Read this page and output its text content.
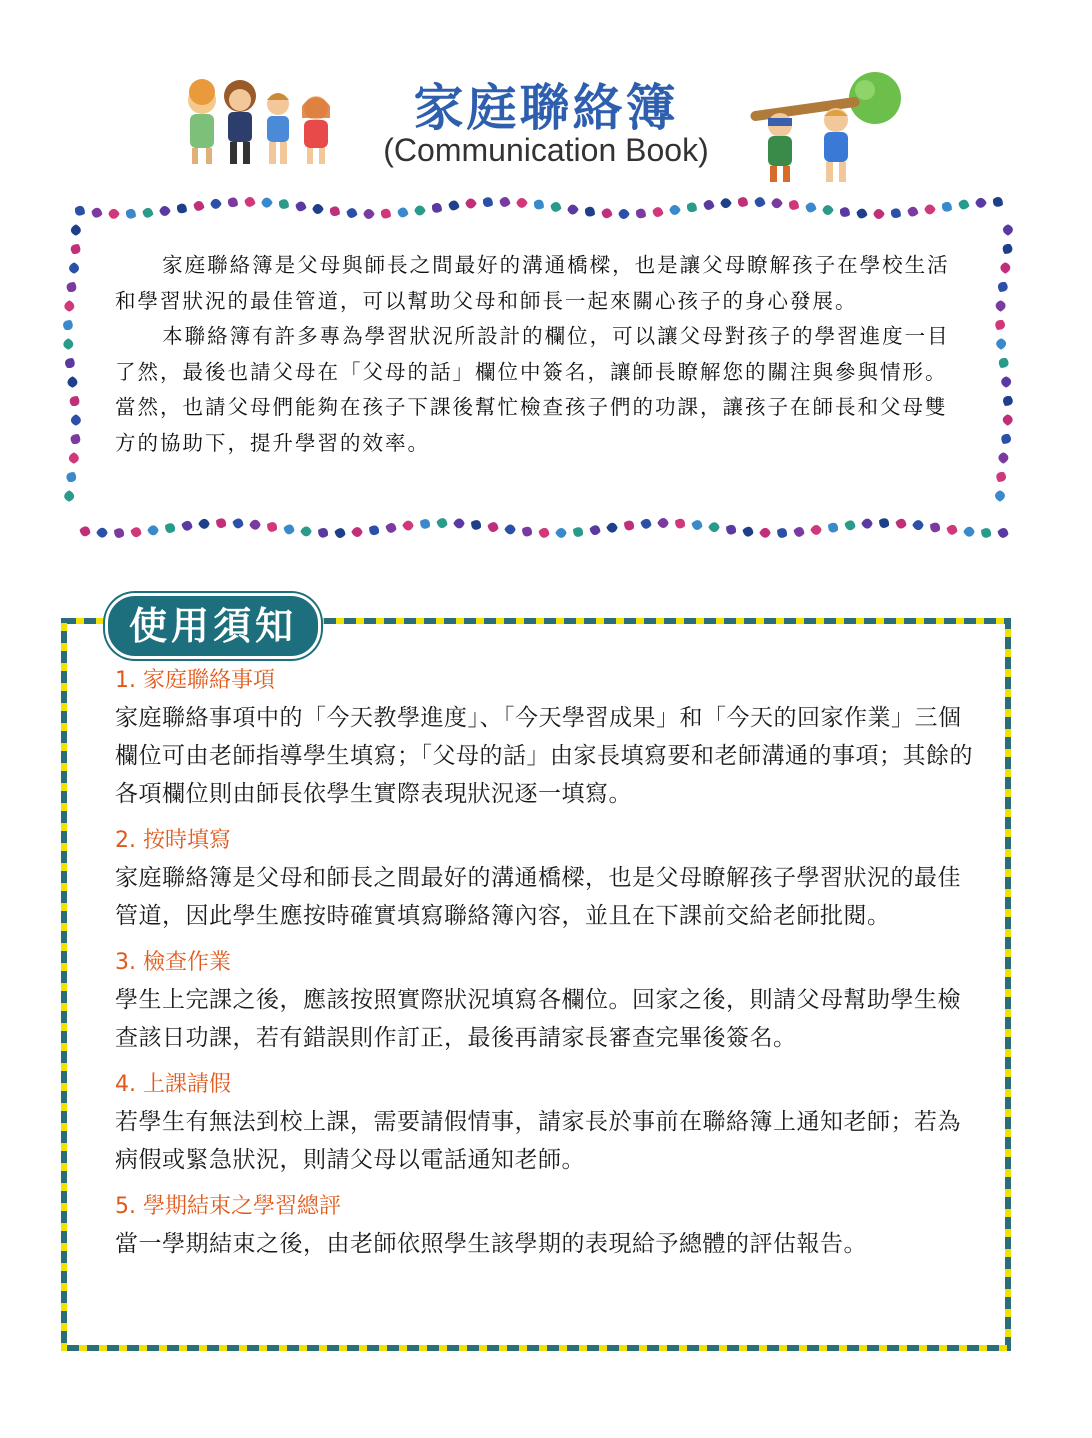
家庭聯絡簿
(Communication Book)

家庭聯絡簿是父母與師長之間最好的溝通橋樑，也是讓父母瞭解孩子在學校生活和學習狀況的最佳管道，可以幫助父母和師長一起來關心孩子的身心發展。

本聯絡簿有許多專為學習狀況所設計的欄位，可以讓父母對孩子的學習進度一目了然，最後也請父母在「父母的話」欄位中簽名，讓師長瞭解您的關注與參與情形。當然，也請父母們能夠在孩子下課後幫忙檢查孩子們的功課，讓孩子在師長和父母雙方的協助下，提升學習的效率。

使用須知
1. 家庭聯絡事項
家庭聯絡事項中的「今天教學進度」、「今天學習成果」和「今天的回家作業」三個欄位可由老師指導學生填寫；「父母的話」由家長填寫要和老師溝通的事項；其餘的各項欄位則由師長依學生實際表現狀況逐一填寫。
2. 按時填寫
家庭聯絡簿是父母和師長之間最好的溝通橋樑，也是父母瞭解孩子學習狀況的最佳管道，因此學生應按時確實填寫聯絡簿內容，並且在下課前交給老師批閱。
3. 檢查作業
學生上完課之後，應該按照實際狀況填寫各欄位。回家之後，則請父母幫助學生檢查該日功課，若有錯誤則作訂正，最後再請家長審查完畢後簽名。
4. 上課請假
若學生有無法到校上課，需要請假情事，請家長於事前在聯絡簿上通知老師；若為病假或緊急狀況，則請父母以電話通知老師。
5. 學期結束之學習總評
當一學期結束之後，由老師依照學生該學期的表現給予總體的評估報告。
